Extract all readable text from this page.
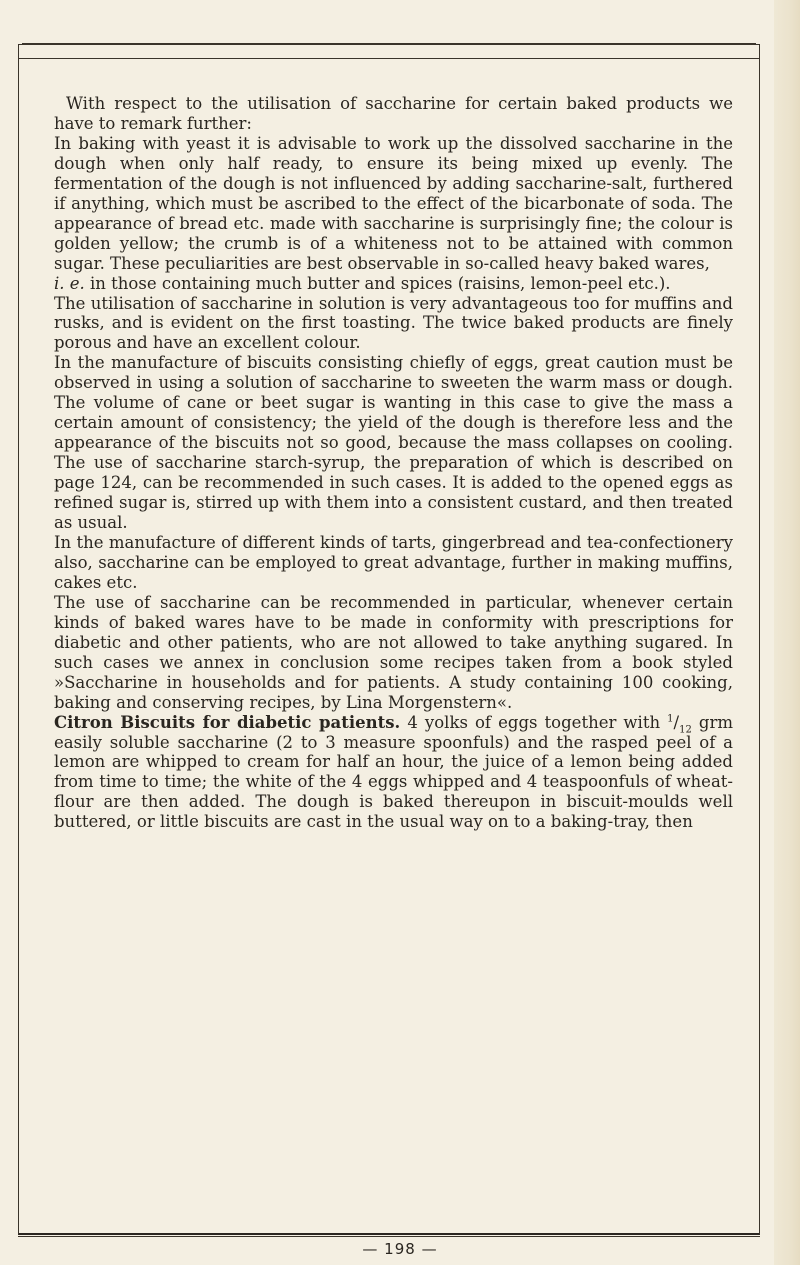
With respect to the utilisation of saccharine for certain baked products we have to remark further:

In baking with yeast it is advisable to work up the dissolved saccharine in the dough when only half ready, to ensure its being mixed up evenly. The fermentation of the dough is not influenced by adding saccharine-salt, furthered if anything, which must be ascribed to the effect of the bicarbonate of soda. The appearance of bread etc. made with saccharine is surprisingly fine; the colour is golden yellow; the crumb is of a whiteness not to be attained with common sugar. These peculiarities are best observable in so-called heavy baked wares,

i. e. in those containing much butter and spices (raisins, lemon-peel etc.).

The utilisation of saccharine in solution is very advantageous too for muffins and rusks, and is evident on the first toasting. The twice baked products are finely porous and have an excellent colour.

In the manufacture of biscuits consisting chiefly of eggs, great caution must be observed in using a solution of saccharine to sweeten the warm mass or dough. The volume of cane or beet sugar is wanting in this case to give the mass a certain amount of consistency; the yield of the dough is therefore less and the appearance of the biscuits not so good, because the mass collapses on cooling. The use of saccharine starch-syrup, the preparation of which is described on page 124, can be recommended in such cases. It is added to the opened eggs as refined sugar is, stirred up with them into a consistent custard, and then treated as usual.

In the manufacture of different kinds of tarts, gingerbread and tea-confectionery also, saccharine can be employed to great advantage, further in making muffins, cakes etc.

The use of saccharine can be recommended in particular, whenever certain kinds of baked wares have to be made in conformity with prescriptions for diabetic and other patients, who are not allowed to take anything sugared. In such cases we annex in conclusion some recipes taken from a book styled »Saccharine in households and for patients. A study containing 100 cooking, baking and conserving recipes, by Lina Morgenstern«.

Citron Biscuits for diabetic patients. 4 yolks of eggs together with $^1/_{12}$ grm easily soluble saccharine (2 to 3 measure spoonfuls) and the rasped peel of a lemon are whipped to cream for half an hour, the juice of a lemon being added from time to time; the white of the 4 eggs whipped and 4 teaspoonfuls of wheat-flour are then added. The dough is baked thereupon in biscuit-moulds well buttered, or little biscuits are cast in the usual way on to a baking-tray, then

— 198 —
